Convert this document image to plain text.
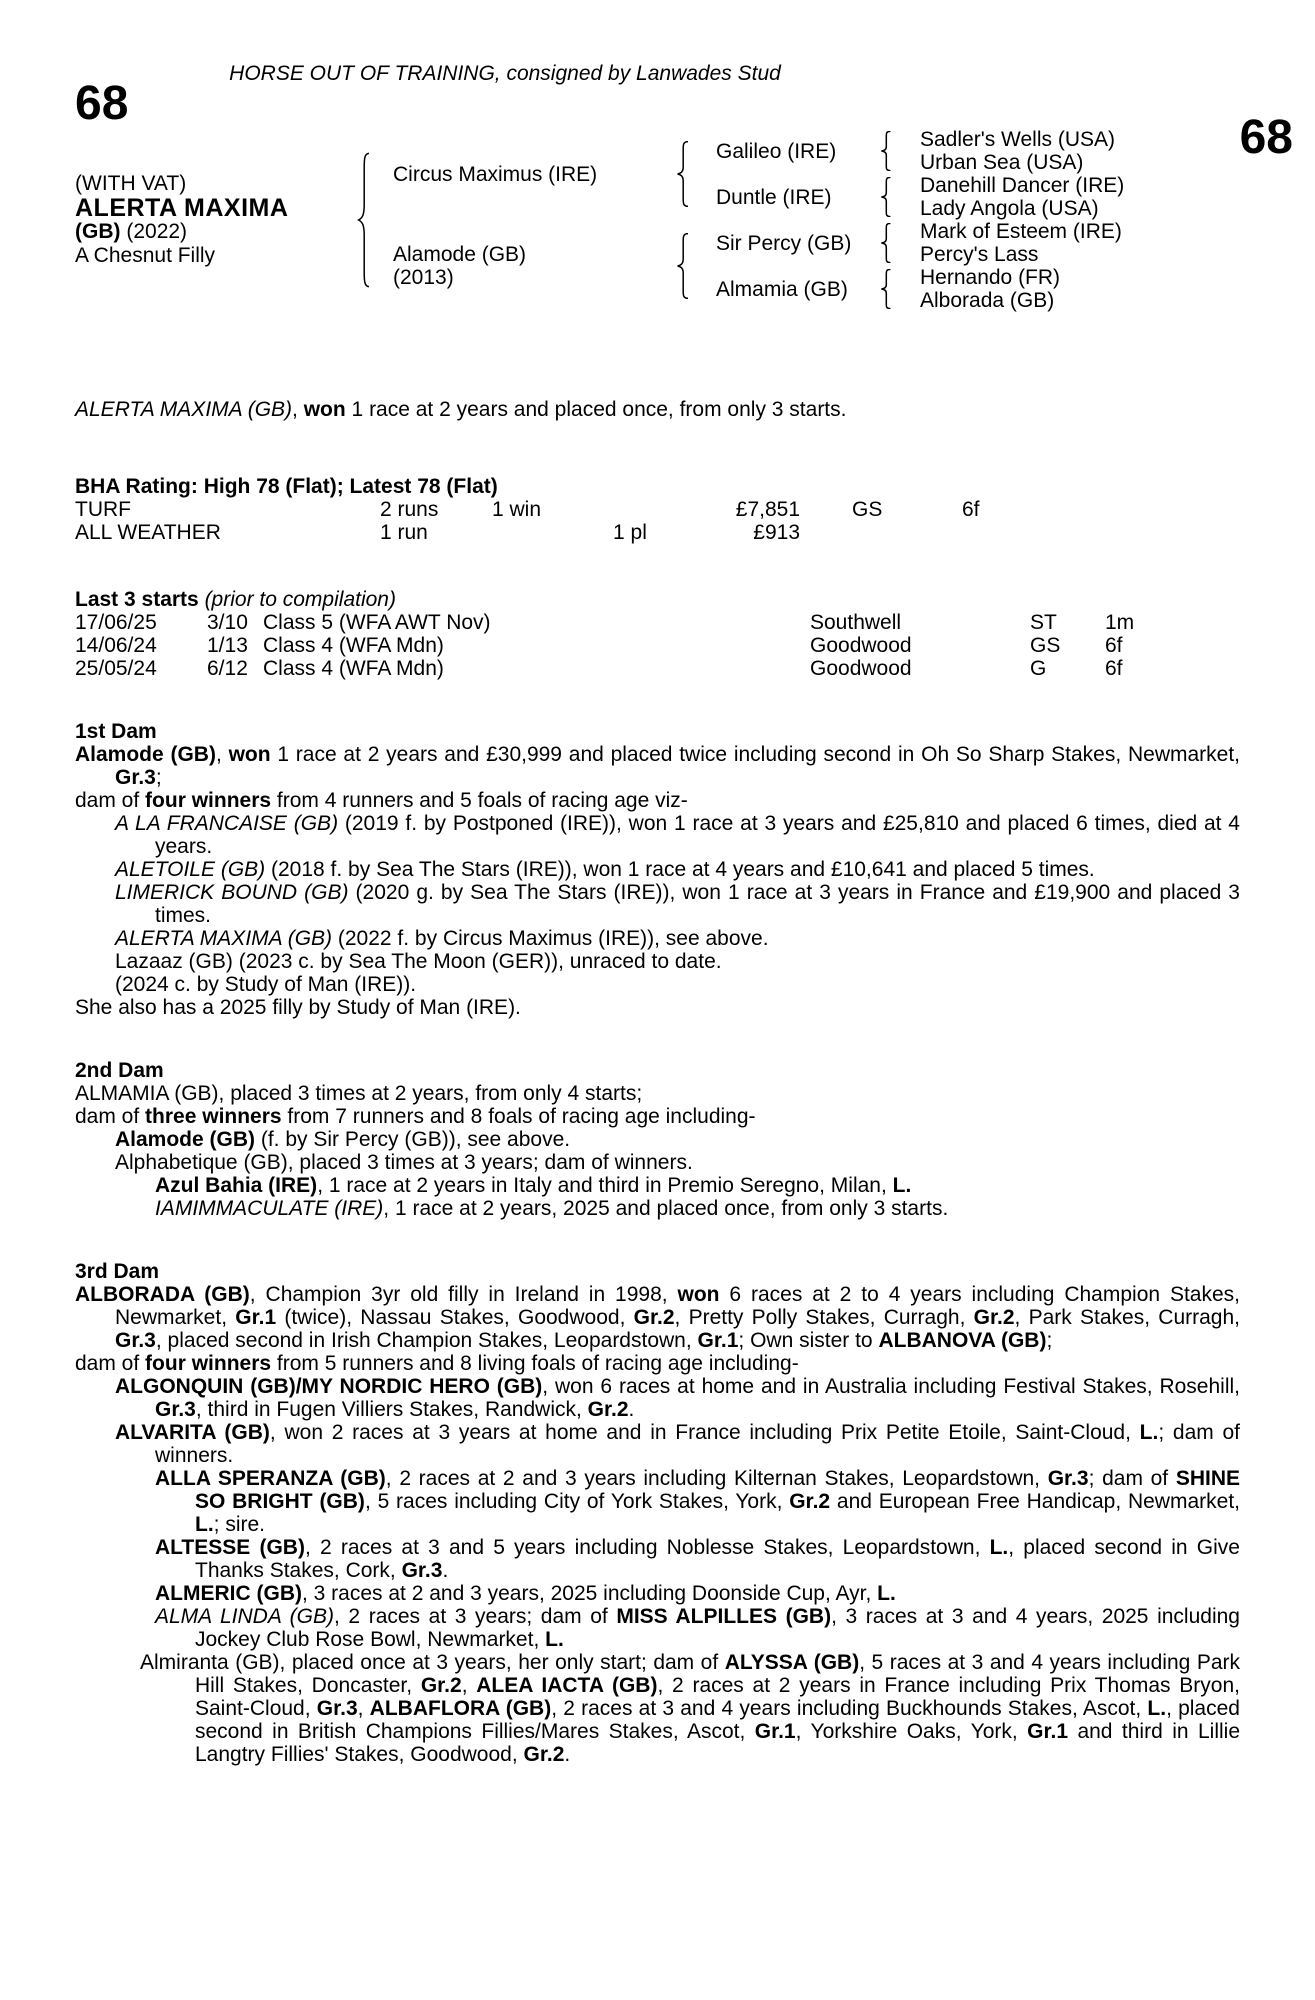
HORSE OUT OF TRAINING, consigned by Lanwades Stud
68
68
(WITH VAT)
ALERTA MAXIMA
(GB) (2022)
A Chesnut Filly
Circus Maximus (IRE)
Galileo (IRE)	Sadler's Wells (USA)
Urban Sea (USA)
Duntle (IRE)	Danehill Dancer (IRE)
Lady Angola (USA)
Alamode (GB)
(2013)
Sir Percy (GB)	Mark of Esteem (IRE)
Percy's Lass
Almamia (GB)	Hernando (FR)
Alborada (GB)

ALERTA MAXIMA (GB), won 1 race at 2 years and placed once, from only 3 starts.

BHA Rating: High 78 (Flat); Latest 78 (Flat)
TURF	2 runs	1 win	£7,851 GS	6f
ALL WEATHER	1 run	1 pl	£913
Last 3 starts (prior to compilation)
17/06/25	3/10 Class 5 (WFA AWT Nov)	Southwell	ST	1m
14/06/24	1/13 Class 4 (WFA Mdn)	Goodwood	GS	6f
25/05/24	6/12 Class 4 (WFA Mdn)	Goodwood	G	6f
1st Dam

Alamode (GB), won 1 race at 2 years and £30,999 and placed twice including second in Oh So Sharp Stakes, Newmarket, Gr.3;

dam of four winners from 4 runners and 5 foals of racing age viz-

A LA FRANCAISE (GB) (2019 f. by Postponed (IRE)), won 1 race at 3 years and £25,810 and placed 6 times, died at 4 years.

ALETOILE (GB) (2018 f. by Sea The Stars (IRE)), won 1 race at 4 years and £10,641 and placed 5 times.

LIMERICK BOUND (GB) (2020 g. by Sea The Stars (IRE)), won 1 race at 3 years in France and £19,900 and placed 3 times.

ALERTA MAXIMA (GB) (2022 f. by Circus Maximus (IRE)), see above.

Lazaaz (GB) (2023 c. by Sea The Moon (GER)), unraced to date.

(2024 c. by Study of Man (IRE)).

She also has a 2025 filly by Study of Man (IRE).

2nd Dam

ALMAMIA (GB), placed 3 times at 2 years, from only 4 starts;

dam of three winners from 7 runners and 8 foals of racing age including-

Alamode (GB) (f. by Sir Percy (GB)), see above.

Alphabetique (GB), placed 3 times at 3 years; dam of winners.

Azul Bahia (IRE), 1 race at 2 years in Italy and third in Premio Seregno, Milan, L.

IAMIMMACULATE (IRE), 1 race at 2 years, 2025 and placed once, from only 3 starts.

3rd Dam

ALBORADA (GB), Champion 3yr old filly in Ireland in 1998, won 6 races at 2 to 4 years including Champion Stakes, Newmarket, Gr.1 (twice), Nassau Stakes, Goodwood, Gr.2, Pretty Polly Stakes, Curragh, Gr.2, Park Stakes, Curragh, Gr.3, placed second in Irish Champion Stakes, Leopardstown, Gr.1; Own sister to ALBANOVA (GB);

dam of four winners from 5 runners and 8 living foals of racing age including-

ALGONQUIN (GB)/MY NORDIC HERO (GB), won 6 races at home and in Australia including Festival Stakes, Rosehill, Gr.3, third in Fugen Villiers Stakes, Randwick, Gr.2.

ALVARITA (GB), won 2 races at 3 years at home and in France including Prix Petite Etoile, Saint-Cloud, L.; dam of winners.

ALLA SPERANZA (GB), 2 races at 2 and 3 years including Kilternan Stakes, Leopardstown, Gr.3; dam of SHINE SO BRIGHT (GB), 5 races including City of York Stakes, York, Gr.2 and European Free Handicap, Newmarket, L.; sire.

ALTESSE (GB), 2 races at 3 and 5 years including Noblesse Stakes, Leopardstown, L., placed second in Give Thanks Stakes, Cork, Gr.3.

ALMERIC (GB), 3 races at 2 and 3 years, 2025 including Doonside Cup, Ayr, L.

ALMA LINDA (GB), 2 races at 3 years; dam of MISS ALPILLES (GB), 3 races at 3 and 4 years, 2025 including Jockey Club Rose Bowl, Newmarket, L.

Almiranta (GB), placed once at 3 years, her only start; dam of ALYSSA (GB), 5 races at 3 and 4 years including Park Hill Stakes, Doncaster, Gr.2, ALEA IACTA (GB), 2 races at 2 years in France including Prix Thomas Bryon, Saint-Cloud, Gr.3, ALBAFLORA (GB), 2 races at 3 and 4 years including Buckhounds Stakes, Ascot, L., placed second in British Champions Fillies/Mares Stakes, Ascot, Gr.1, Yorkshire Oaks, York, Gr.1 and third in Lillie Langtry Fillies' Stakes, Goodwood, Gr.2.
